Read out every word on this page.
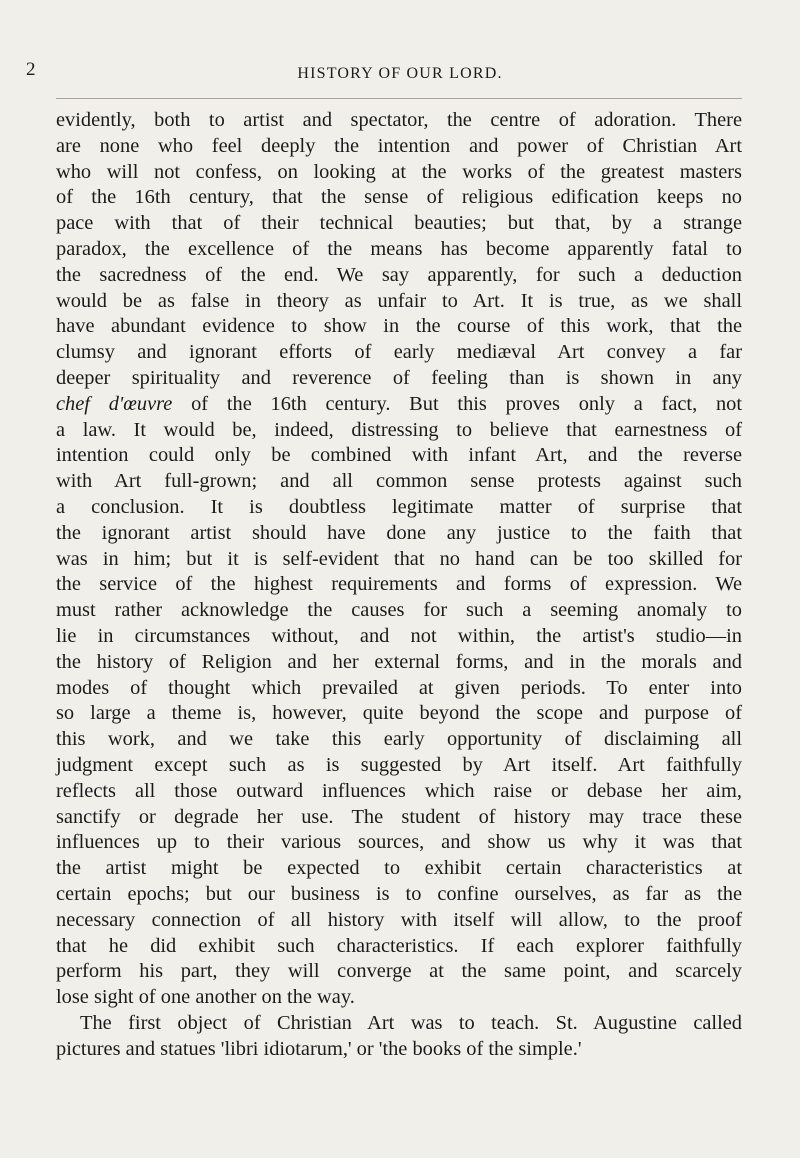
2	HISTORY OF OUR LORD.
evidently, both to artist and spectator, the centre of adoration. There
are none who feel deeply the intention and power of Christian Art
who will not confess, on looking at the works of the greatest masters
of the 16th century, that the sense of religious edification keeps no
pace with that of their technical beauties; but that, by a strange
paradox, the excellence of the means has become apparently fatal to
the sacredness of the end. We say apparently, for such a deduction
would be as false in theory as unfair to Art. It is true, as we shall
have abundant evidence to show in the course of this work, that the
clumsy and ignorant efforts of early mediæval Art convey a far
deeper spirituality and reverence of feeling than is shown in any
chef d'œuvre of the 16th century. But this proves only a fact, not
a law. It would be, indeed, distressing to believe that earnestness of
intention could only be combined with infant Art, and the reverse
with Art full-grown; and all common sense protests against such
a conclusion. It is doubtless legitimate matter of surprise that
the ignorant artist should have done any justice to the faith that
was in him; but it is self-evident that no hand can be too skilled for
the service of the highest requirements and forms of expression. We
must rather acknowledge the causes for such a seeming anomaly to
lie in circumstances without, and not within, the artist's studio—in
the history of Religion and her external forms, and in the morals and
modes of thought which prevailed at given periods. To enter into
so large a theme is, however, quite beyond the scope and purpose of
this work, and we take this early opportunity of disclaiming all
judgment except such as is suggested by Art itself. Art faithfully
reflects all those outward influences which raise or debase her aim,
sanctify or degrade her use. The student of history may trace these
influences up to their various sources, and show us why it was that
the artist might be expected to exhibit certain characteristics at
certain epochs; but our business is to confine ourselves, as far as the
necessary connection of all history with itself will allow, to the proof
that he did exhibit such characteristics. If each explorer faithfully
perform his part, they will converge at the same point, and scarcely
lose sight of one another on the way.
The first object of Christian Art was to teach. St. Augustine called
pictures and statues 'libri idiotarum,' or 'the books of the simple.'
